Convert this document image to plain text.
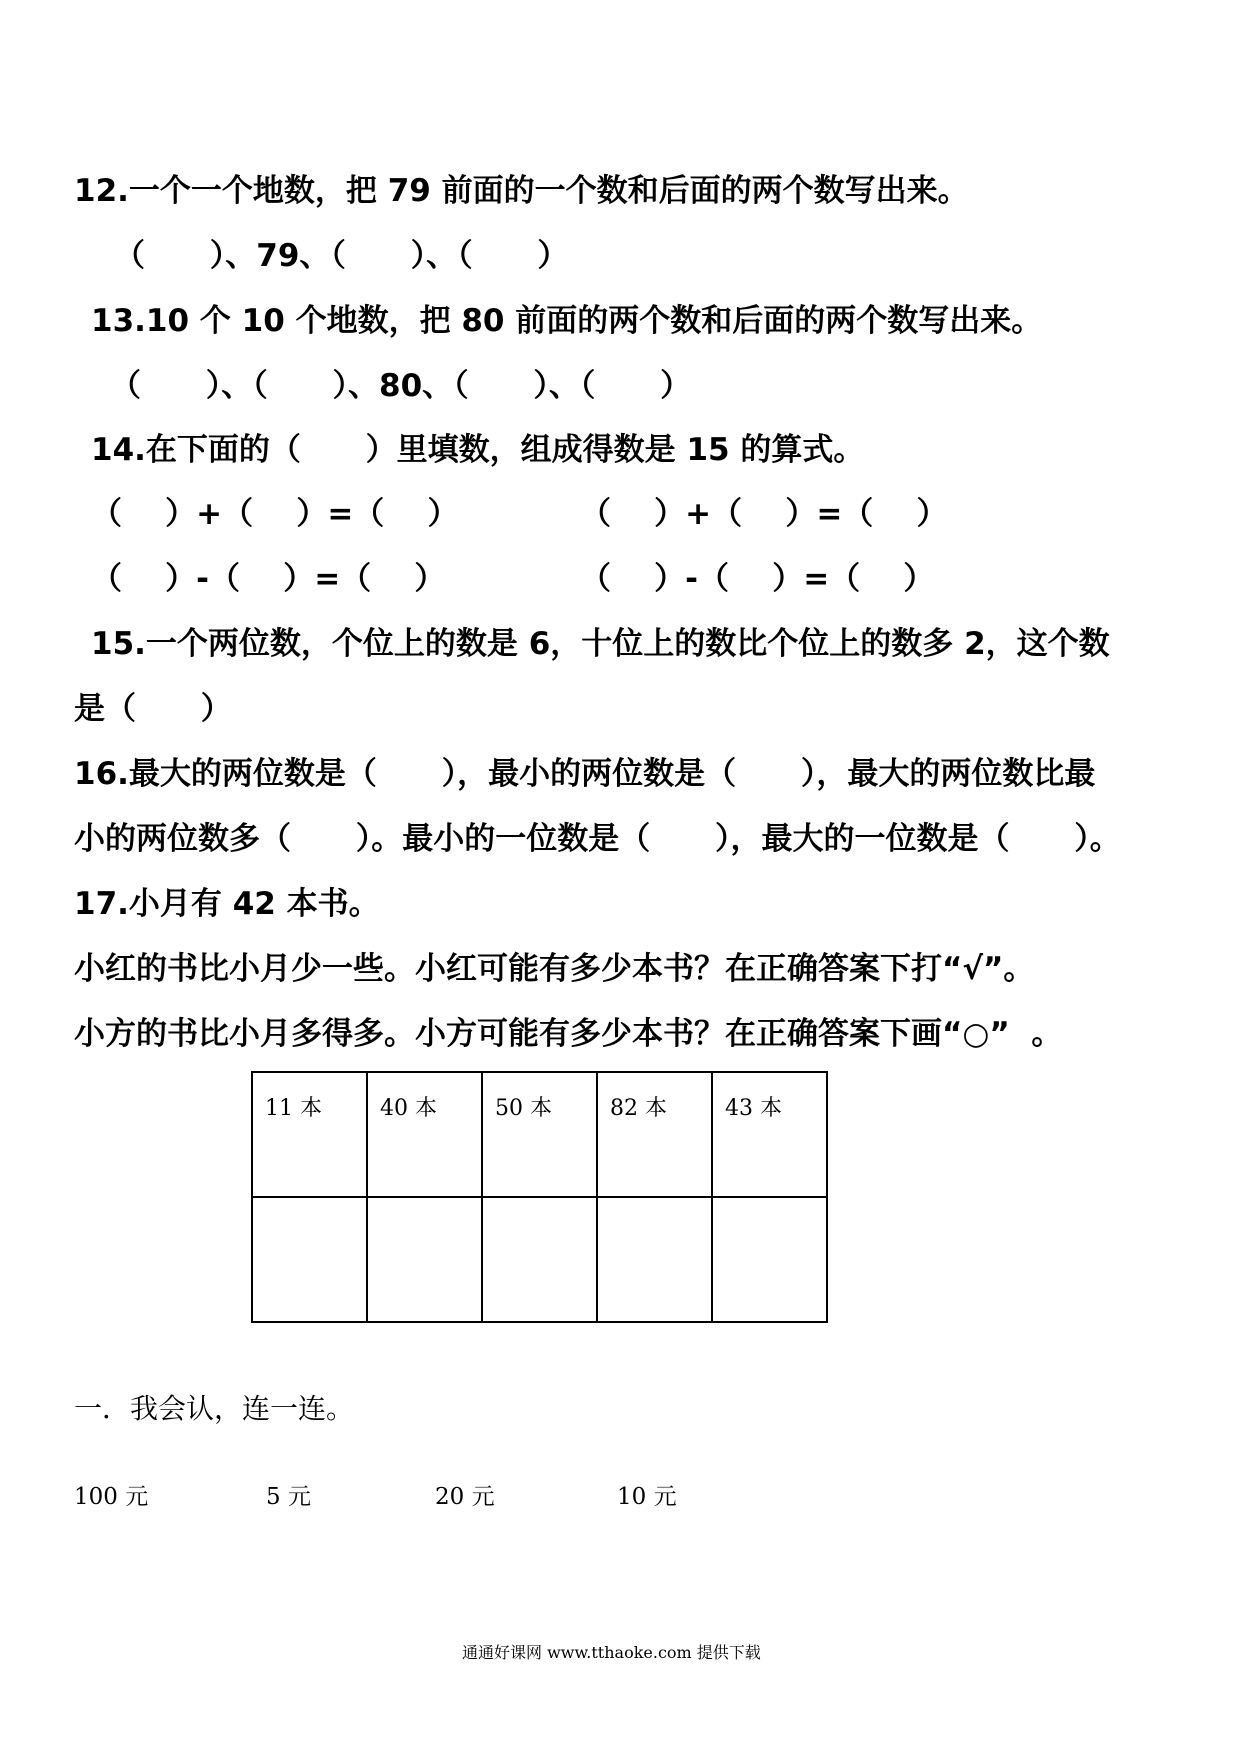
12.一个一个地数，把 79 前面的一个数和后面的两个数写出来。
（      ）、79、（      ）、（      ）
13.10 个 10 个地数，把 80 前面的两个数和后面的两个数写出来。
（      ）、（      ）、80、（      ）、（      ）
14.在下面的（      ）里填数，组成得数是 15 的算式。
（    ）+（    ）=（    ）	（    ）+（    ）=（    ）
（    ）-（    ）=（    ）	（    ）-（    ）=（    ）
15.一个两位数，个位上的数是 6，十位上的数比个位上的数多 2，这个数
是（      ）
16.最大的两位数是（      ），最小的两位数是（      ），最大的两位数比最
小的两位数多（      ）。最小的一位数是（      ），最大的一位数是（      ）。
17.小月有 42 本书。
小红的书比小月少一些。小红可能有多少本书？在正确答案下打“√”。
小方的书比小月多得多。小方可能有多少本书？在正确答案下画“○”  。
11 本	40 本	50 本	82 本	43 本

一．我会认，连一连。
100 元	5 元	20 元	10 元
通通好课网 www.tthaoke.com 提供下载
